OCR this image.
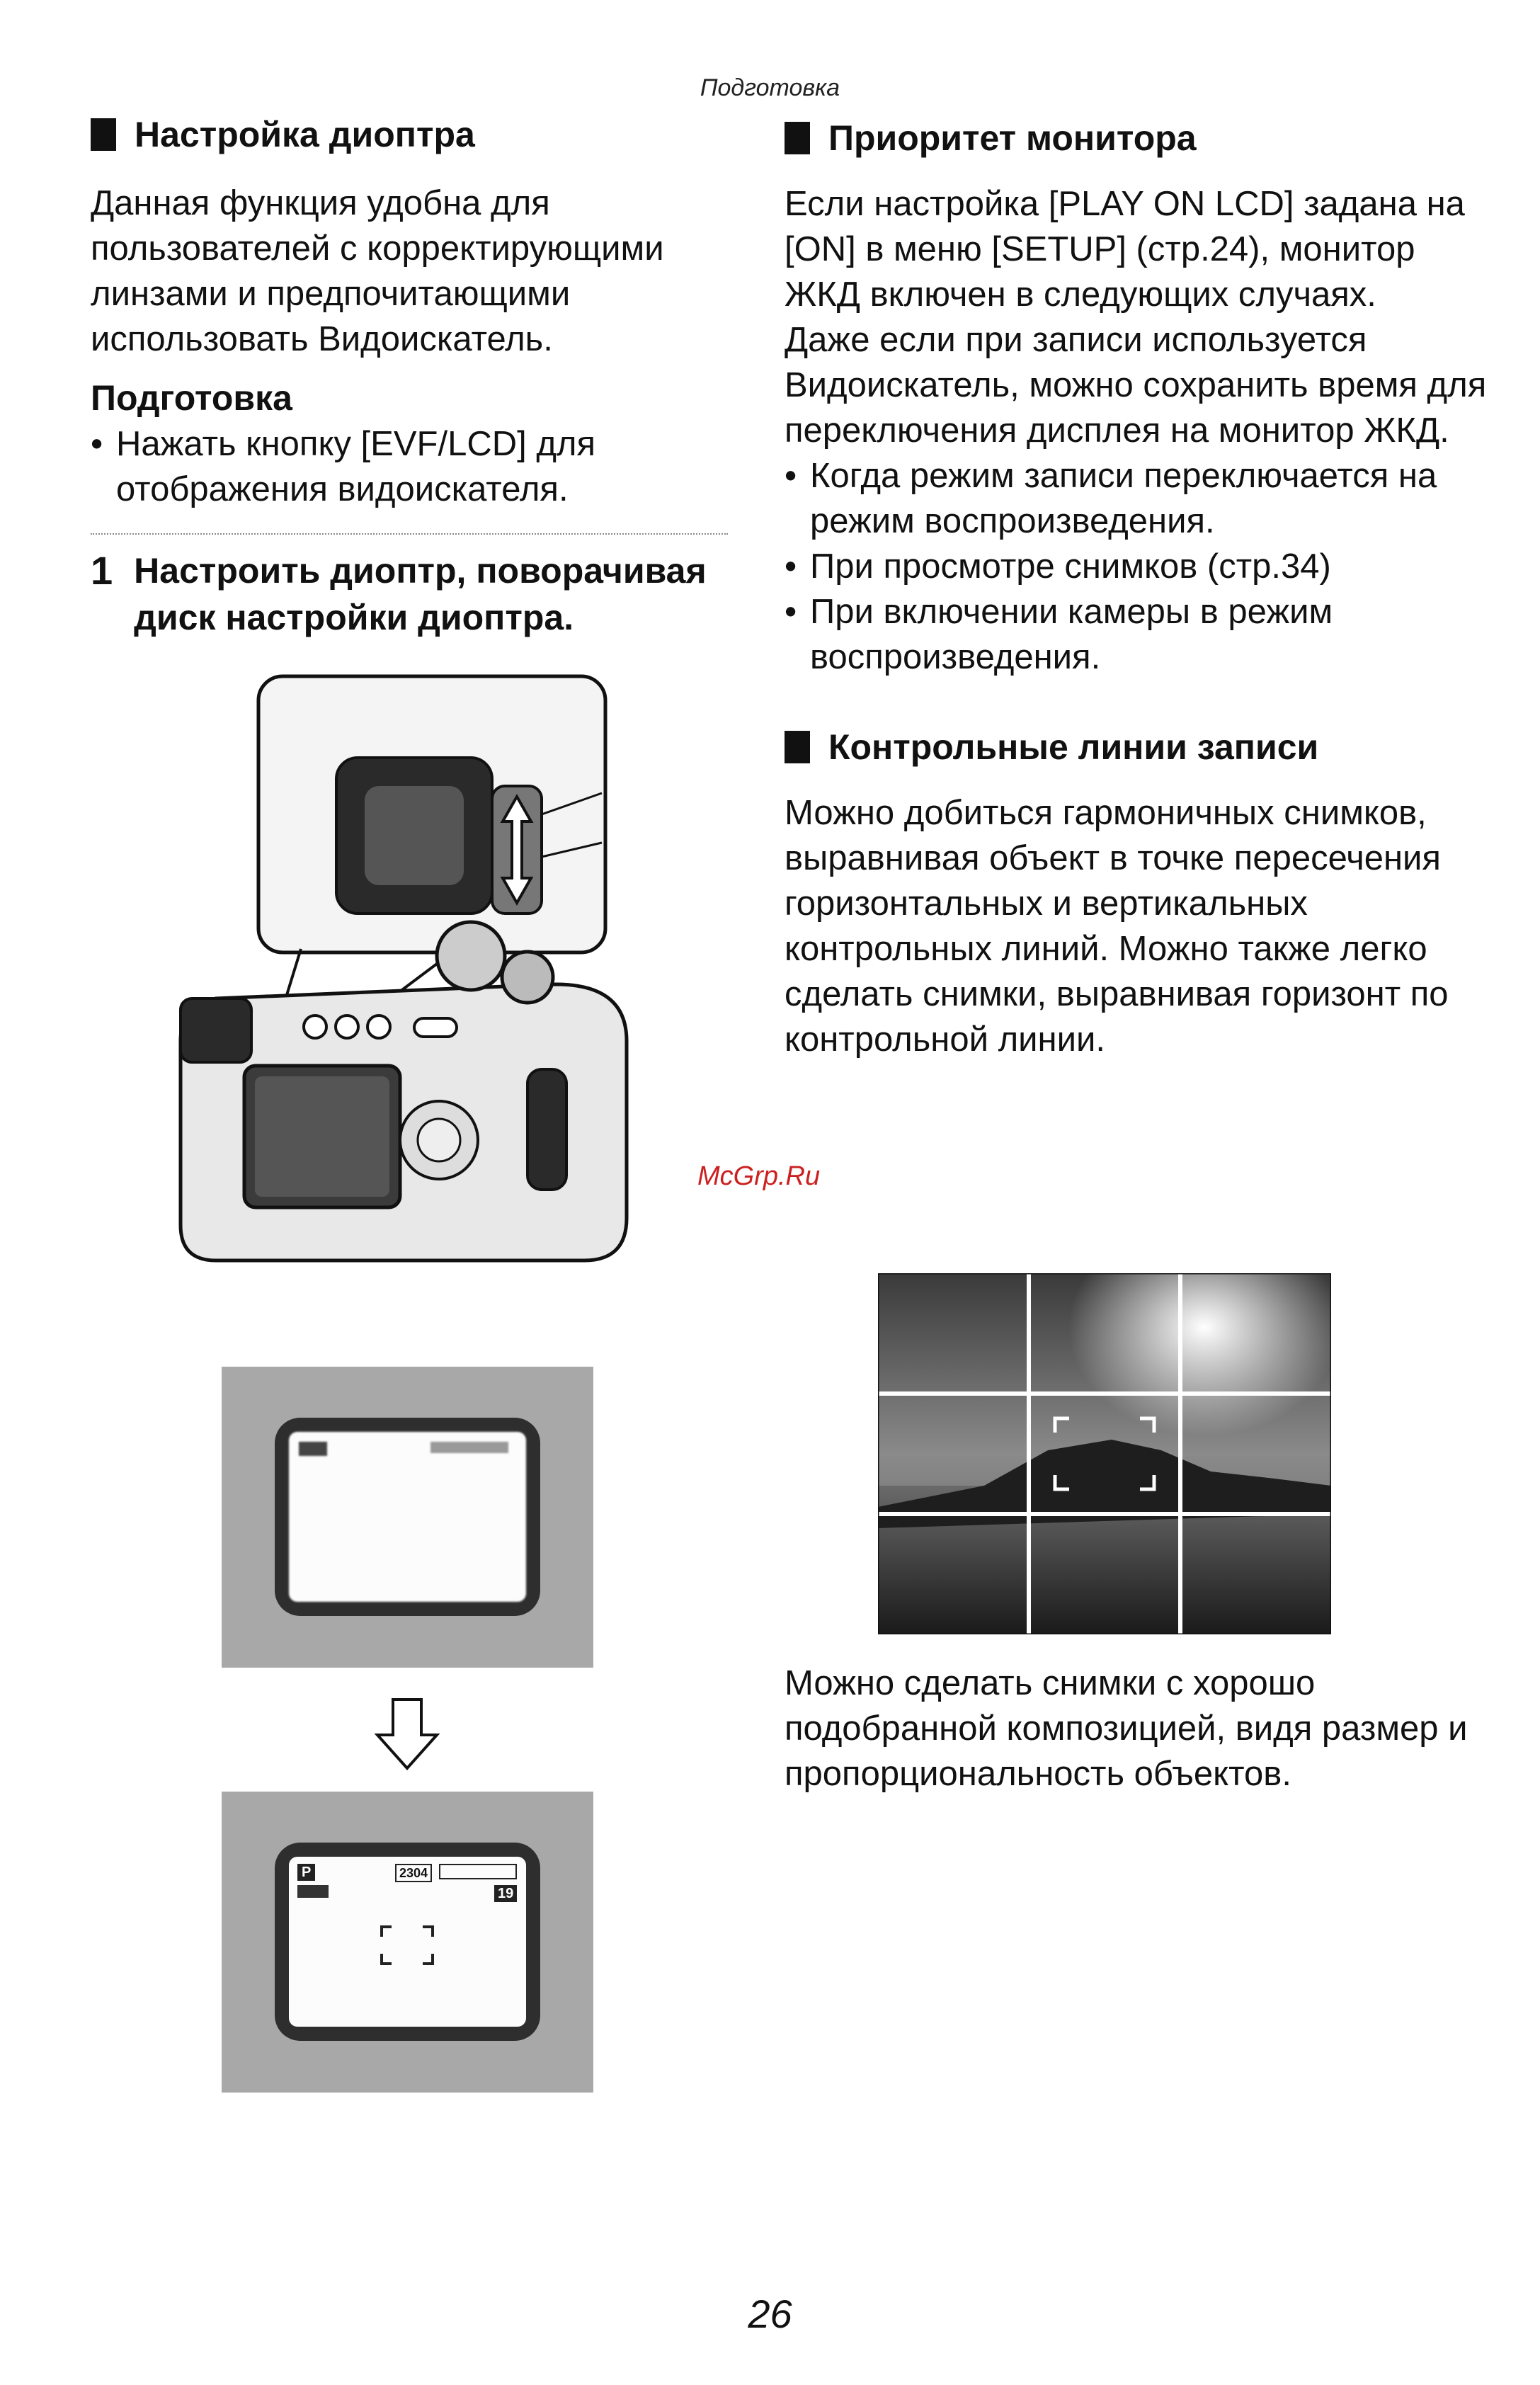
Подготовка
Настройка диоптра

Данная функция удобна для пользователей с корректирующими линзами и предпочитающими использовать Видоискатель.

Подготовка

• Нажать кнопку [EVF/LCD] для отображения видоискателя.
1 Настроить диоптр, поворачивая диск настройки диоптра.
P	2304
19
Приоритет монитора

Если настройка [PLAY ON LCD] задана на [ON] в меню [SETUP] (стр.24), монитор ЖКД включен в следующих случаях.

Даже если при записи используется Видоискатель, можно сохранить время для переключения дисплея на монитор ЖКД.

• Когда режим записи переключается на режим воспроизведения.
• При просмотре снимков (стр.34)
• При включении камеры в режим воспроизведения.
Контрольные линии записи

Можно добиться гармоничных снимков, выравнивая объект в точке пересечения горизонтальных и вертикальных контрольных линий. Можно также легко сделать снимки, выравнивая горизонт по контрольной линии.

Можно сделать снимки с хорошо подобранной композицией, видя размер и пропорциональность объектов.

McGrp.Ru
26
